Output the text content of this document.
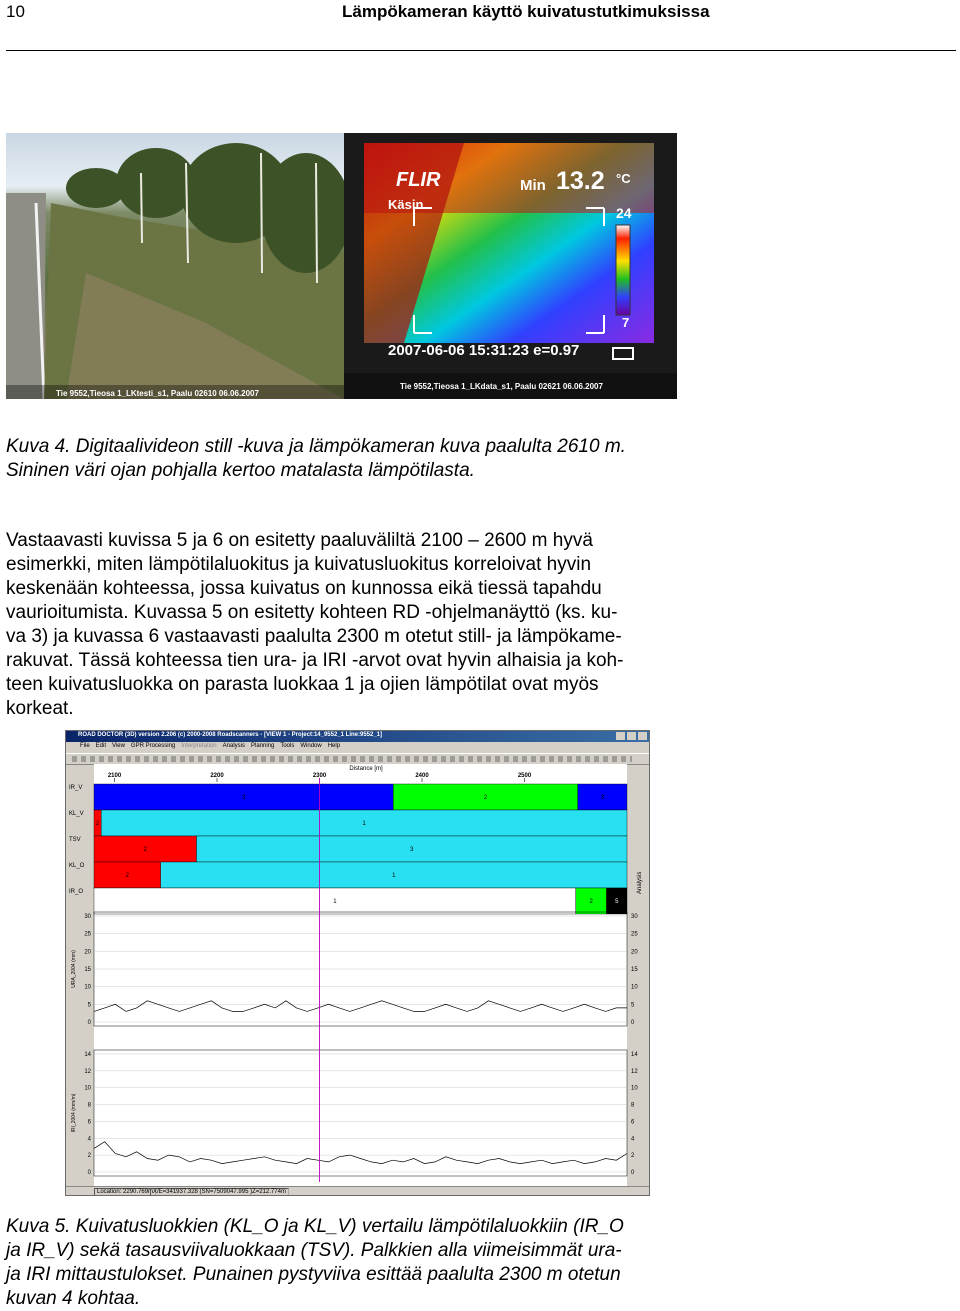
10	Lämpökameran käyttö kuivatustutkimuksissa
Tie 9552,Tieosa 1_LKtesti_s1, Paalu 02610 06.06.2007
FLIR
Käsin
Min 13.2 °C
24
7
2007-06-06 15:31:23 e=0.97
Tie 9552,Tieosa 1_LKdata_s1, Paalu 02621 06.06.2007
Kuva 4. Digitaalivideon still -kuva ja lämpökameran kuva paalulta 2610 m.
Sininen väri ojan pohjalla kertoo matalasta lämpötilasta.
Vastaavasti kuvissa 5 ja 6 on esitetty paaluväliltä 2100 – 2600 m hyvä
esimerkki, miten lämpötilaluokitus ja kuivatusluokitus korreloivat hyvin
keskenään kohteessa, jossa kuivatus on kunnossa eikä tiessä tapahdu
vaurioitumista. Kuvassa 5 on esitetty kohteen RD -ohjelmanäyttö (ks. ku-
va 3) ja kuvassa 6 vastaavasti paalulta 2300 m otetut still- ja lämpökame-
rakuvat. Tässä kohteessa tien ura- ja IRI -arvot ovat hyvin alhaisia ja koh-
teen kuivatusluokka on parasta luokkaa 1 ja ojien lämpötilat ovat myös
korkeat.
ROAD DOCTOR (3D) version 2.206 (c) 2000-2008 Roadscanners - [VIEW 1 - Project:14_9552_1 Line:9552_1]
File Edit View GPR Processing Interpretation Analysis Planning Tools Window Help
2100	2200	2300	2400	2500
IR_V
3	2	3
KL_V
2	1
TSV
2	3
KL_O
2	1
IR_O
1	2	5
0	0
5	5
10	10
15	15
20	20
25	25
30	30
URA_2004 (mm)
0	0
2	2
4	4
6	6
8	8
10	10
12	12
14	14
IRI_2004 (mm/m)
Distance [m]
Analysis
Location: 2290.769m X/E=341937.328 (SN=7509047.995 )Z=212.774m
Kuva 5. Kuivatusluokkien (KL_O ja KL_V) vertailu lämpötilaluokkiin (IR_O
ja IR_V) sekä tasausviivaluokkaan (TSV). Palkkien alla viimeisimmät ura-
ja IRI mittaustulokset. Punainen pystyviiva esittää paalulta 2300 m otetun
kuvan 4 kohtaa.
